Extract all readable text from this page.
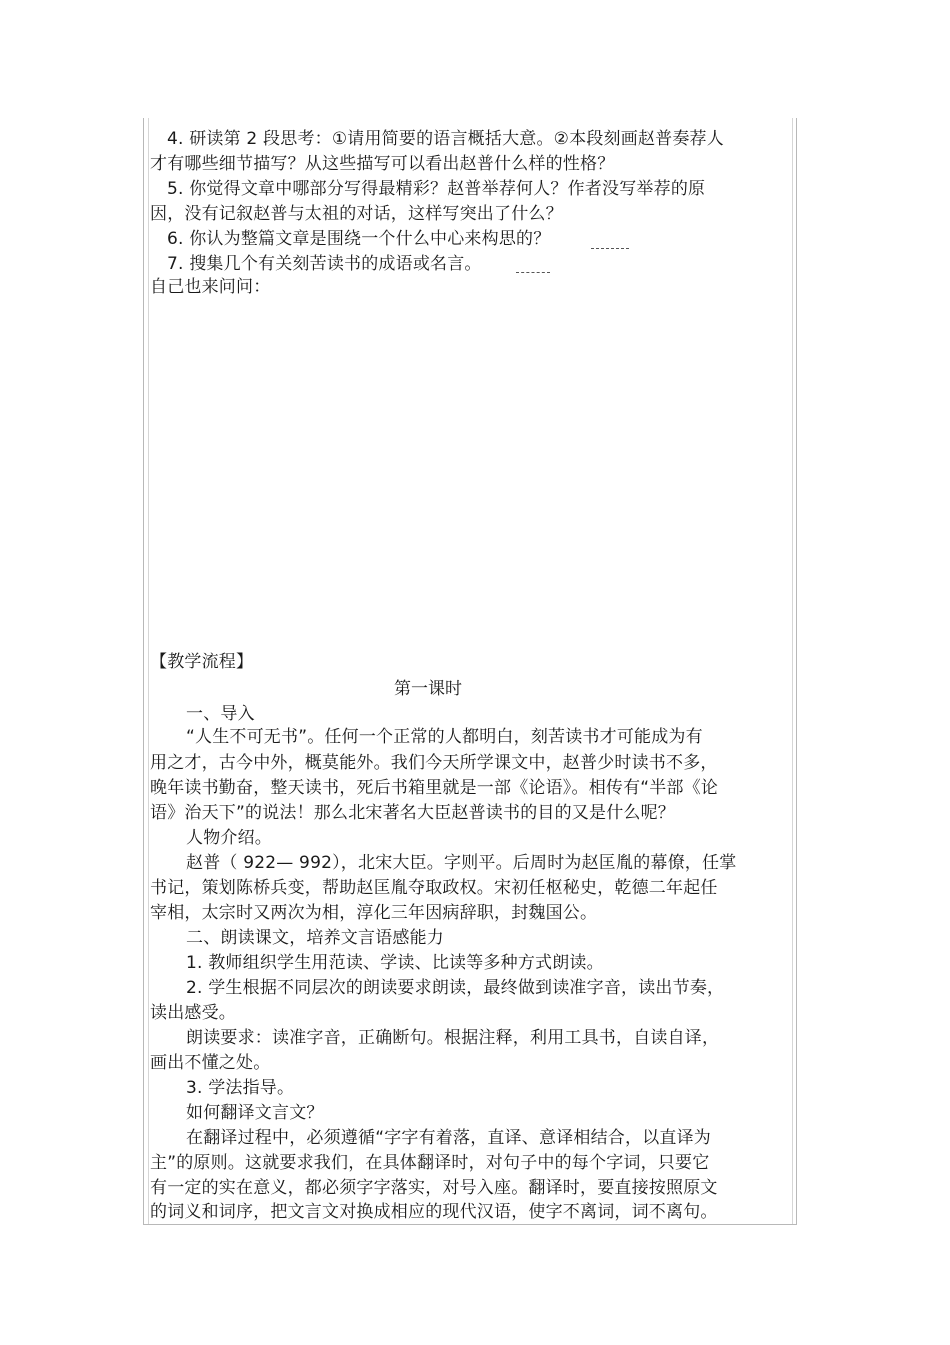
4. 研读第 2 段思考：①请用简要的语言概括大意。②本段刻画赵普奏荐人
才有哪些细节描写？从这些描写可以看出赵普什么样的性格？
5. 你觉得文章中哪部分写得最精彩？赵普举荐何人？作者没写举荐的原
因，没有记叙赵普与太祖的对话，这样写突出了什么？
6. 你认为整篇文章是围绕一个什么中心来构思的？
7. 搜集几个有关刻苦读书的成语或名言。
自己也来问问：
【教学流程】
第一课时
一、导入
“人生不可无书”。任何一个正常的人都明白，刻苦读书才可能成为有
用之才，古今中外，概莫能外。我们今天所学课文中，赵普少时读书不多，
晚年读书勤奋，整天读书，死后书箱里就是一部《论语》。相传有“半部《论
语》治天下”的说法！那么北宋著名大臣赵普读书的目的又是什么呢？
人物介绍。
赵普（ 922— 992），北宋大臣。字则平。后周时为赵匡胤的幕僚，任掌
书记，策划陈桥兵变，帮助赵匡胤夺取政权。宋初任枢秘史，乾德二年起任
宰相，太宗时又两次为相，淳化三年因病辞职，封魏国公。
二、朗读课文，培养文言语感能力
1. 教师组织学生用范读、学读、比读等多种方式朗读。
2. 学生根据不同层次的朗读要求朗读，最终做到读准字音，读出节奏，
读出感受。
朗读要求：读准字音，正确断句。根据注释，利用工具书，自读自译，
画出不懂之处。
3. 学法指导。
如何翻译文言文？
在翻译过程中，必须遵循“字字有着落，直译、意译相结合，以直译为
主”的原则。这就要求我们，在具体翻译时，对句子中的每个字词，只要它
有一定的实在意义，都必须字字落实，对号入座。翻译时，要直接按照原文
的词义和词序，把文言文对换成相应的现代汉语，使字不离词，词不离句。
